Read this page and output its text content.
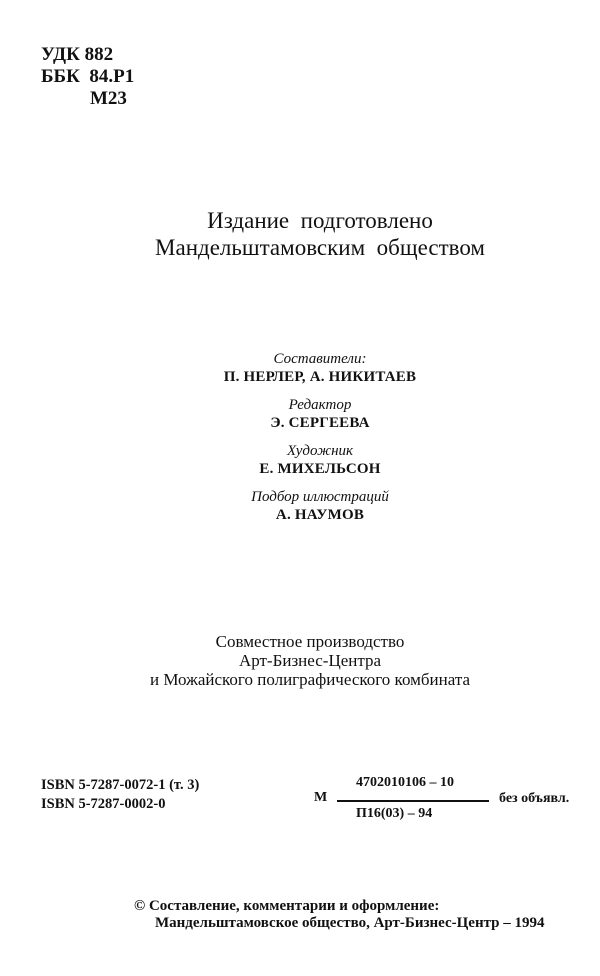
УДК 882
ББК  84.Р1
М23
Издание  подготовлено
Мандельштамовским  обществом
Составители:
П. НЕРЛЕР, А. НИКИТАЕВ
Редактор
Э. СЕРГЕЕВА
Художник
Е. МИХЕЛЬСОН
Подбор иллюстраций
А. НАУМОВ
Совместное производство
Арт-Бизнес-Центра
и Можайского полиграфического комбината
ISBN 5-7287-0072-1 (т. 3)
ISBN 5-7287-0002-0	М
4702010106 – 10
П16(03) – 94
без объявл.
© Составление, комментарии и оформление:
Мандельштамовское общество, Арт-Бизнес-Центр – 1994
